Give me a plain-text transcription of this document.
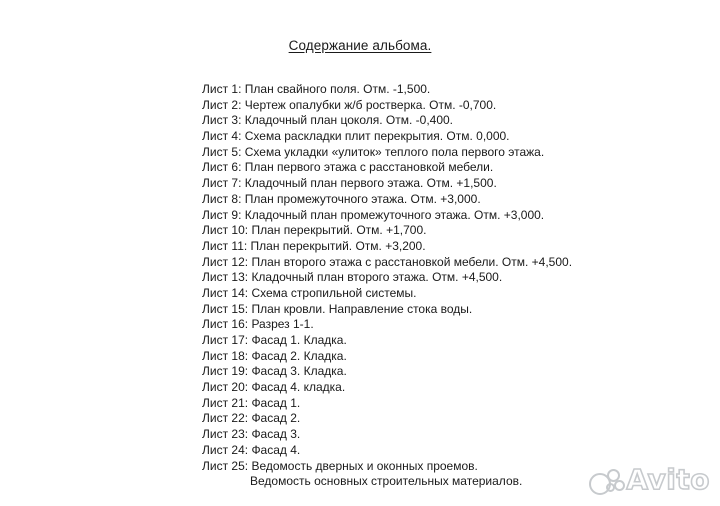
Содержание альбома.
Лист 1: План свайного поля. Отм. -1,500.
Лист 2: Чертеж опалубки ж/б ростверка. Отм. -0,700.
Лист 3: Кладочный план цоколя. Отм. -0,400.
Лист 4: Схема раскладки плит перекрытия. Отм. 0,000.
Лист 5: Схема укладки «улиток» теплого пола первого этажа.
Лист 6: План первого этажа с расстановкой мебели.
Лист 7: Кладочный план первого этажа. Отм. +1,500.
Лист 8: План промежуточного этажа. Отм. +3,000.
Лист 9: Кладочный план промежуточного этажа. Отм. +3,000.
Лист 10: План перекрытий. Отм. +1,700.
Лист 11: План перекрытий. Отм. +3,200.
Лист 12: План второго этажа с расстановкой мебели. Отм. +4,500.
Лист 13: Кладочный план второго этажа. Отм. +4,500.
Лист 14: Схема стропильной системы.
Лист 15: План кровли. Направление стока воды.
Лист 16: Разрез 1-1.
Лист 17: Фасад 1. Кладка.
Лист 18: Фасад 2. Кладка.
Лист 19: Фасад 3. Кладка.
Лист 20: Фасад 4. кладка.
Лист 21: Фасад 1.
Лист 22: Фасад 2.
Лист 23: Фасад 3.
Лист 24: Фасад 4.
Лист 25: Ведомость дверных и оконных проемов.
Ведомость основных строительных материалов.	Avito
